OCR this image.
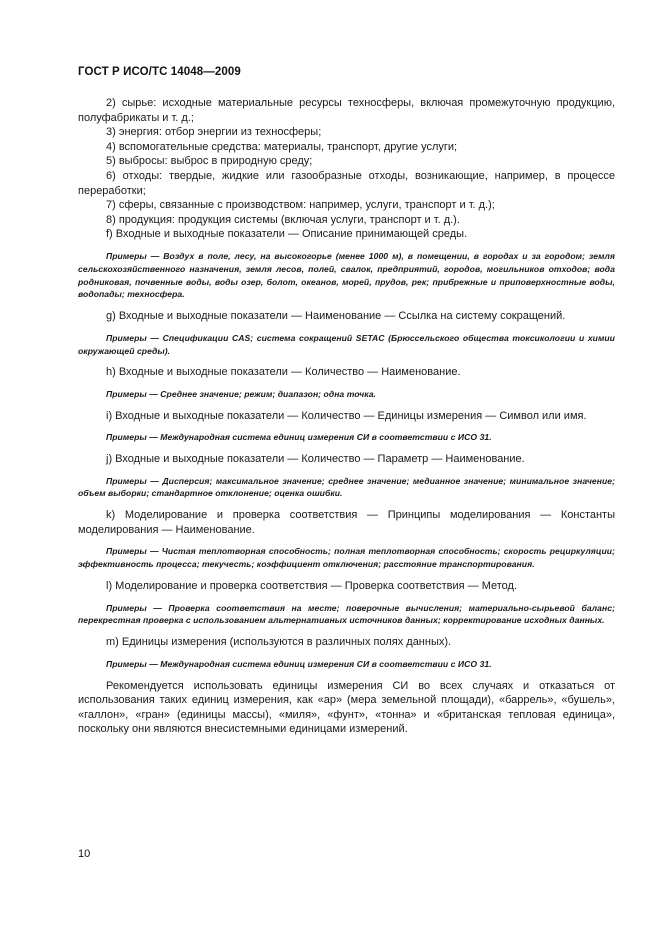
ГОСТ Р ИСО/ТС 14048—2009

2) сырье: исходные материальные ресурсы техносферы, включая промежуточную продукцию, полуфабрикаты и т. д.;

3) энергия: отбор энергии из техносферы;

4) вспомогательные средства: материалы, транспорт, другие услуги;

5) выбросы: выброс в природную среду;

6) отходы: твердые, жидкие или газообразные отходы, возникающие, например, в процессе переработки;

7) сферы, связанные с производством: например, услуги, транспорт и т. д.);

8) продукция: продукция системы (включая услуги, транспорт и т. д.).

f) Входные и выходные показатели — Описание принимающей среды.

Примеры — Воздух в поле, лесу, на высокогорье (менее 1000 м), в помещении, в городах и за городом; земля сельскохозяйственного назначения, земля лесов, полей, свалок, предприятий, городов, могильников отходов; вода родниковая, почвенные воды, воды озер, болот, океанов, морей, прудов, рек; прибрежные и приповерхностные воды, водопады; техносфера.

g) Входные и выходные показатели — Наименование — Ссылка на систему сокращений.

Примеры — Спецификации CAS; система сокращений SETAC (Брюссельского общества токсикологии и химии окружающей среды).

h) Входные и выходные показатели — Количество — Наименование.

Примеры — Среднее значение; режим; диапазон; одна точка.

i) Входные и выходные показатели — Количество — Единицы измерения — Символ или имя.

Примеры — Международная система единиц измерения СИ в соответствии с ИСО 31.

j) Входные и выходные показатели — Количество — Параметр — Наименование.

Примеры — Дисперсия; максимальное значение; среднее значение; медианное значение; минимальное значение; объем выборки; стандартное отклонение; оценка ошибки.

k) Моделирование и проверка соответствия — Принципы моделирования — Константы моделирования — Наименование.

Примеры — Чистая теплотворная способность; полная теплотворная способность; скорость рециркуляции; эффективность процесса; текучесть; коэффициент отключения; расстояние транспортирования.

l) Моделирование и проверка соответствия — Проверка соответствия — Метод.

Примеры — Проверка соответствия на месте; поверочные вычисления; материально-сырьевой баланс; перекрестная проверка с использованием альтернативных источников данных; корректирование исходных данных.

m) Единицы измерения (используются в различных полях данных).

Примеры — Международная система единиц измерения СИ в соответствии с ИСО 31.

Рекомендуется использовать единицы измерения СИ во всех случаях и отказаться от использования таких единиц измерения, как «ар» (мера земельной площади), «баррель», «бушель», «галлон», «гран» (единицы массы), «миля», «фунт», «тонна» и «британская тепловая единица», поскольку они являются внесистемными единицами измерений.

10
